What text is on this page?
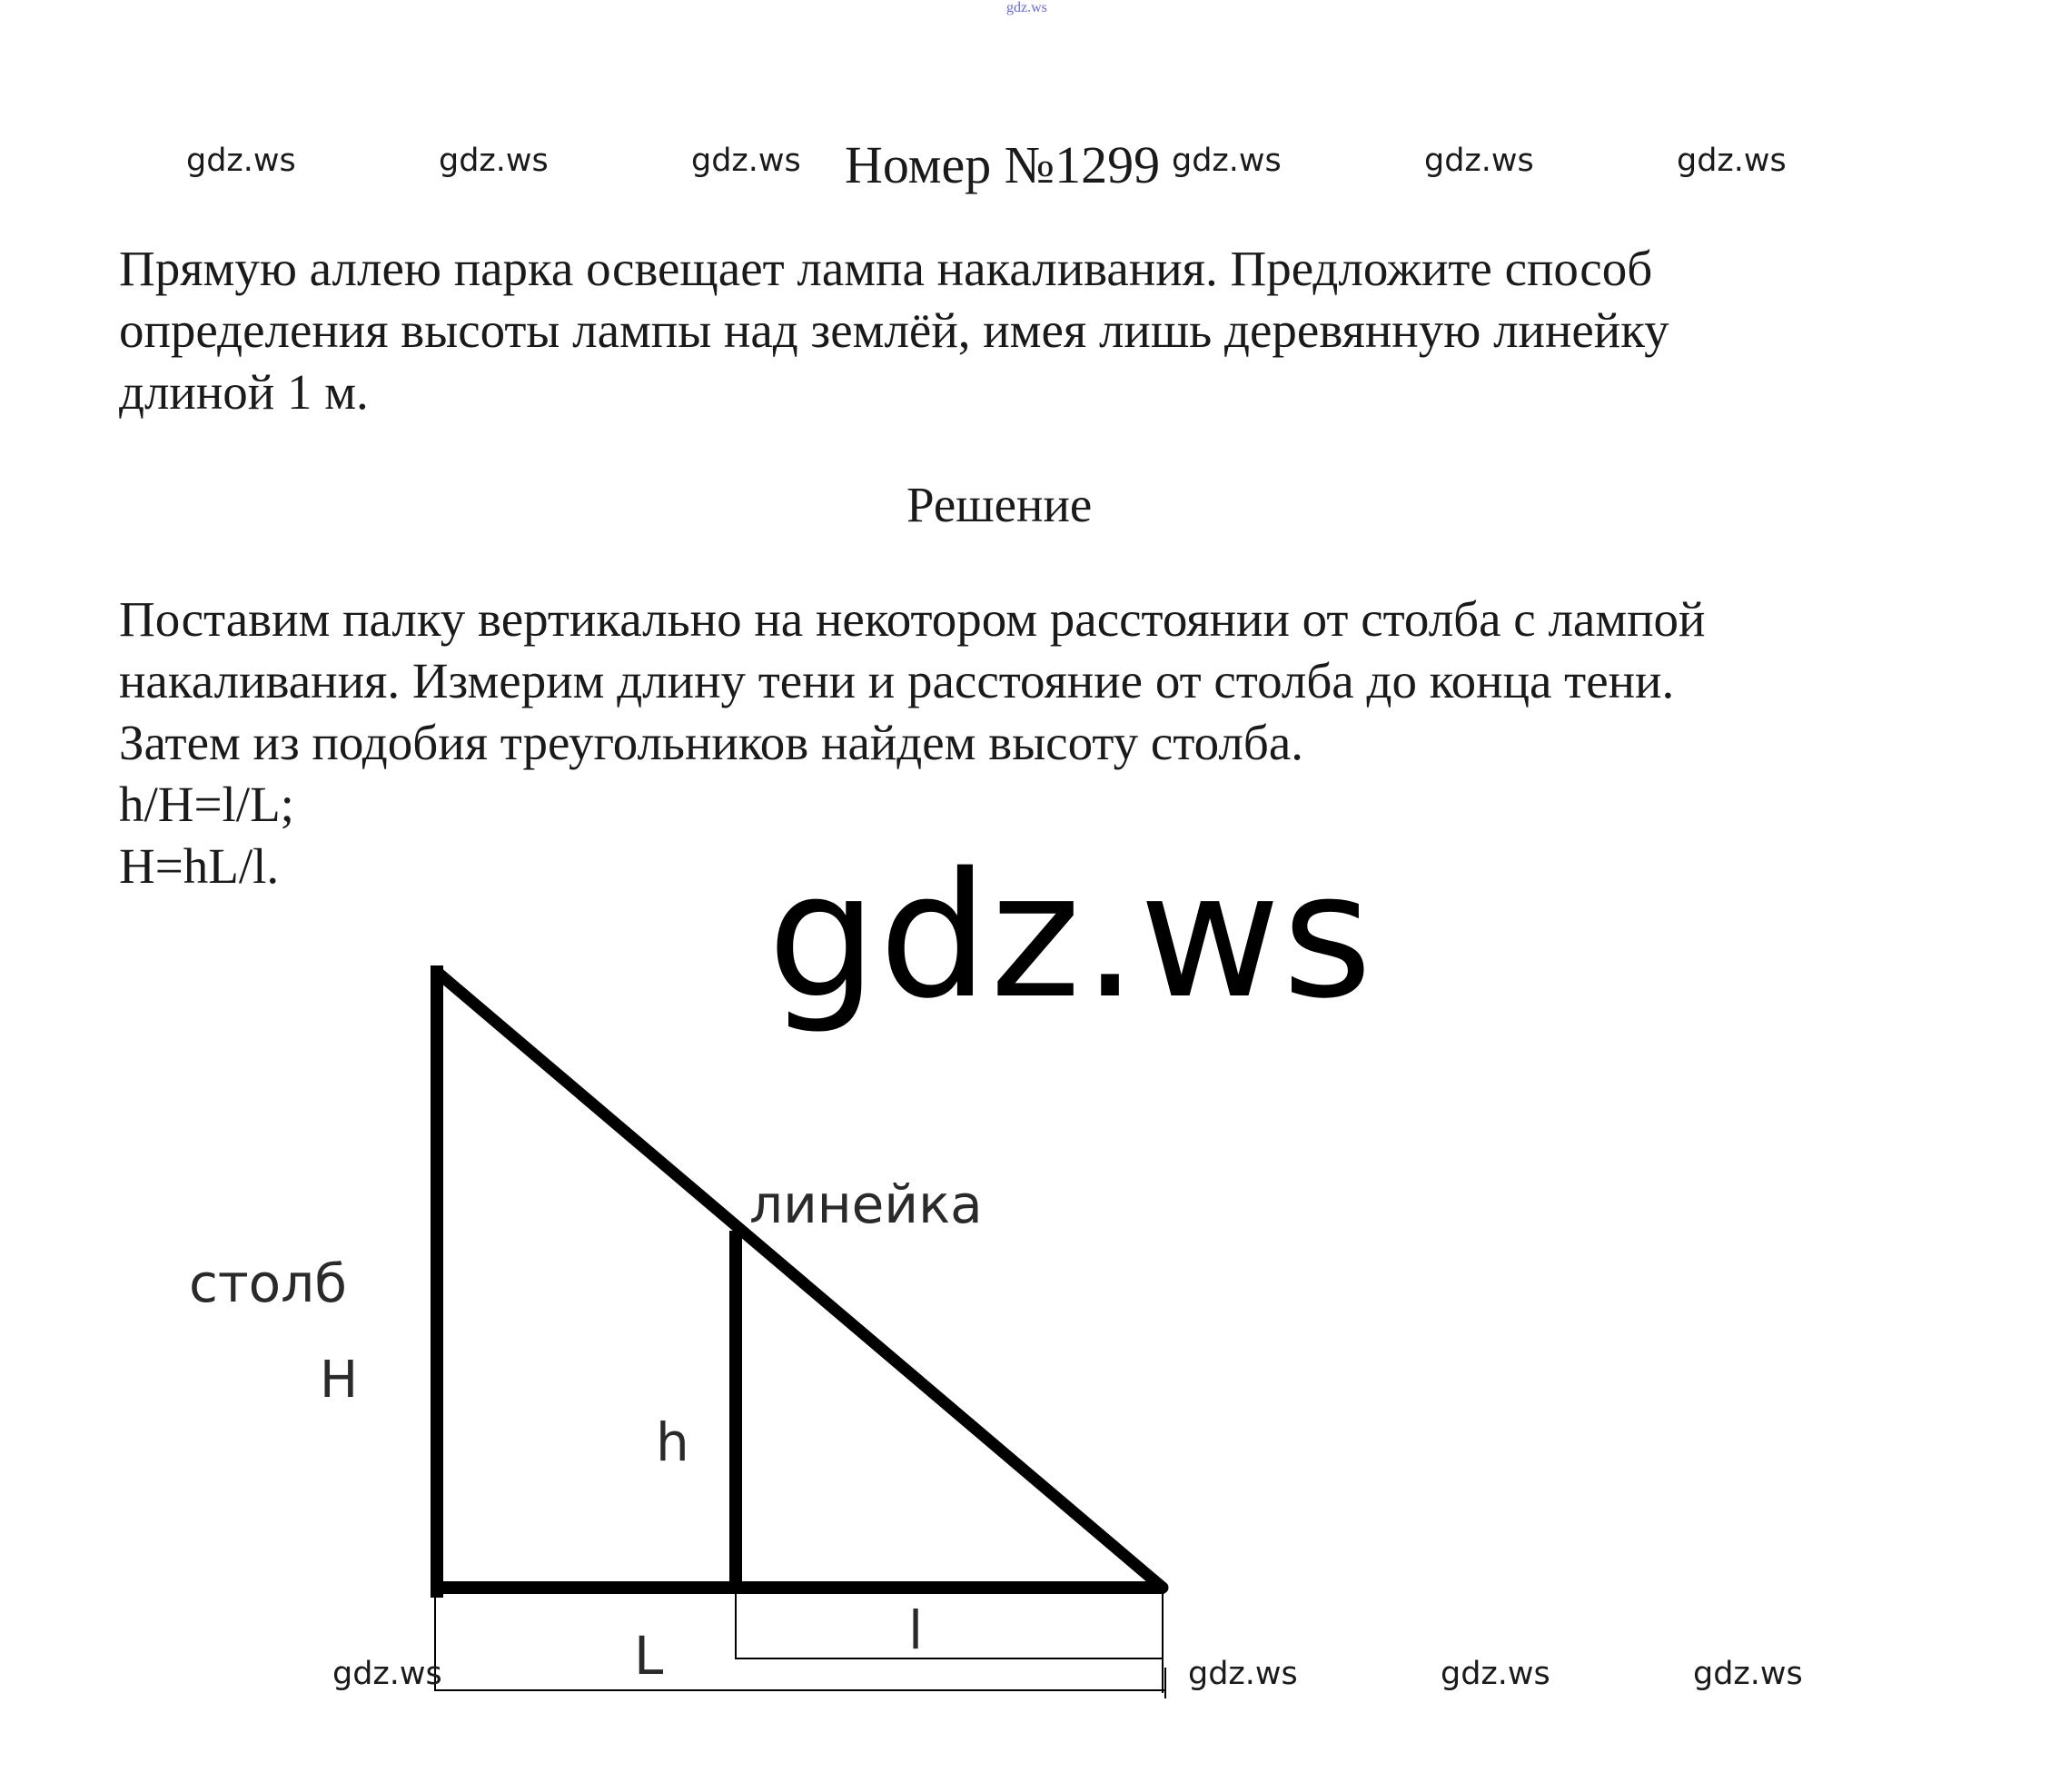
gdz.ws
gdz.ws	gdz.ws	gdz.ws	gdz.ws	gdz.ws	gdz.ws
Номер №1299

Прямую аллею парка освещает лампа накаливания. Предложите способ

определения высоты лампы над землёй, имея лишь деревянную линейку

длиной 1 м.

Решение

Поставим палку вертикально на некотором расстоянии от столба с лампой

накаливания. Измерим длину тени и расстояние от столба до конца тени.

Затем из подобия треугольников найдем высоту столба.

h/H=l/L;

H=hL/l.	gdz.ws
столб
H
линейка
h
L	l
gdz.ws	gdz.ws	gdz.ws	gdz.ws
